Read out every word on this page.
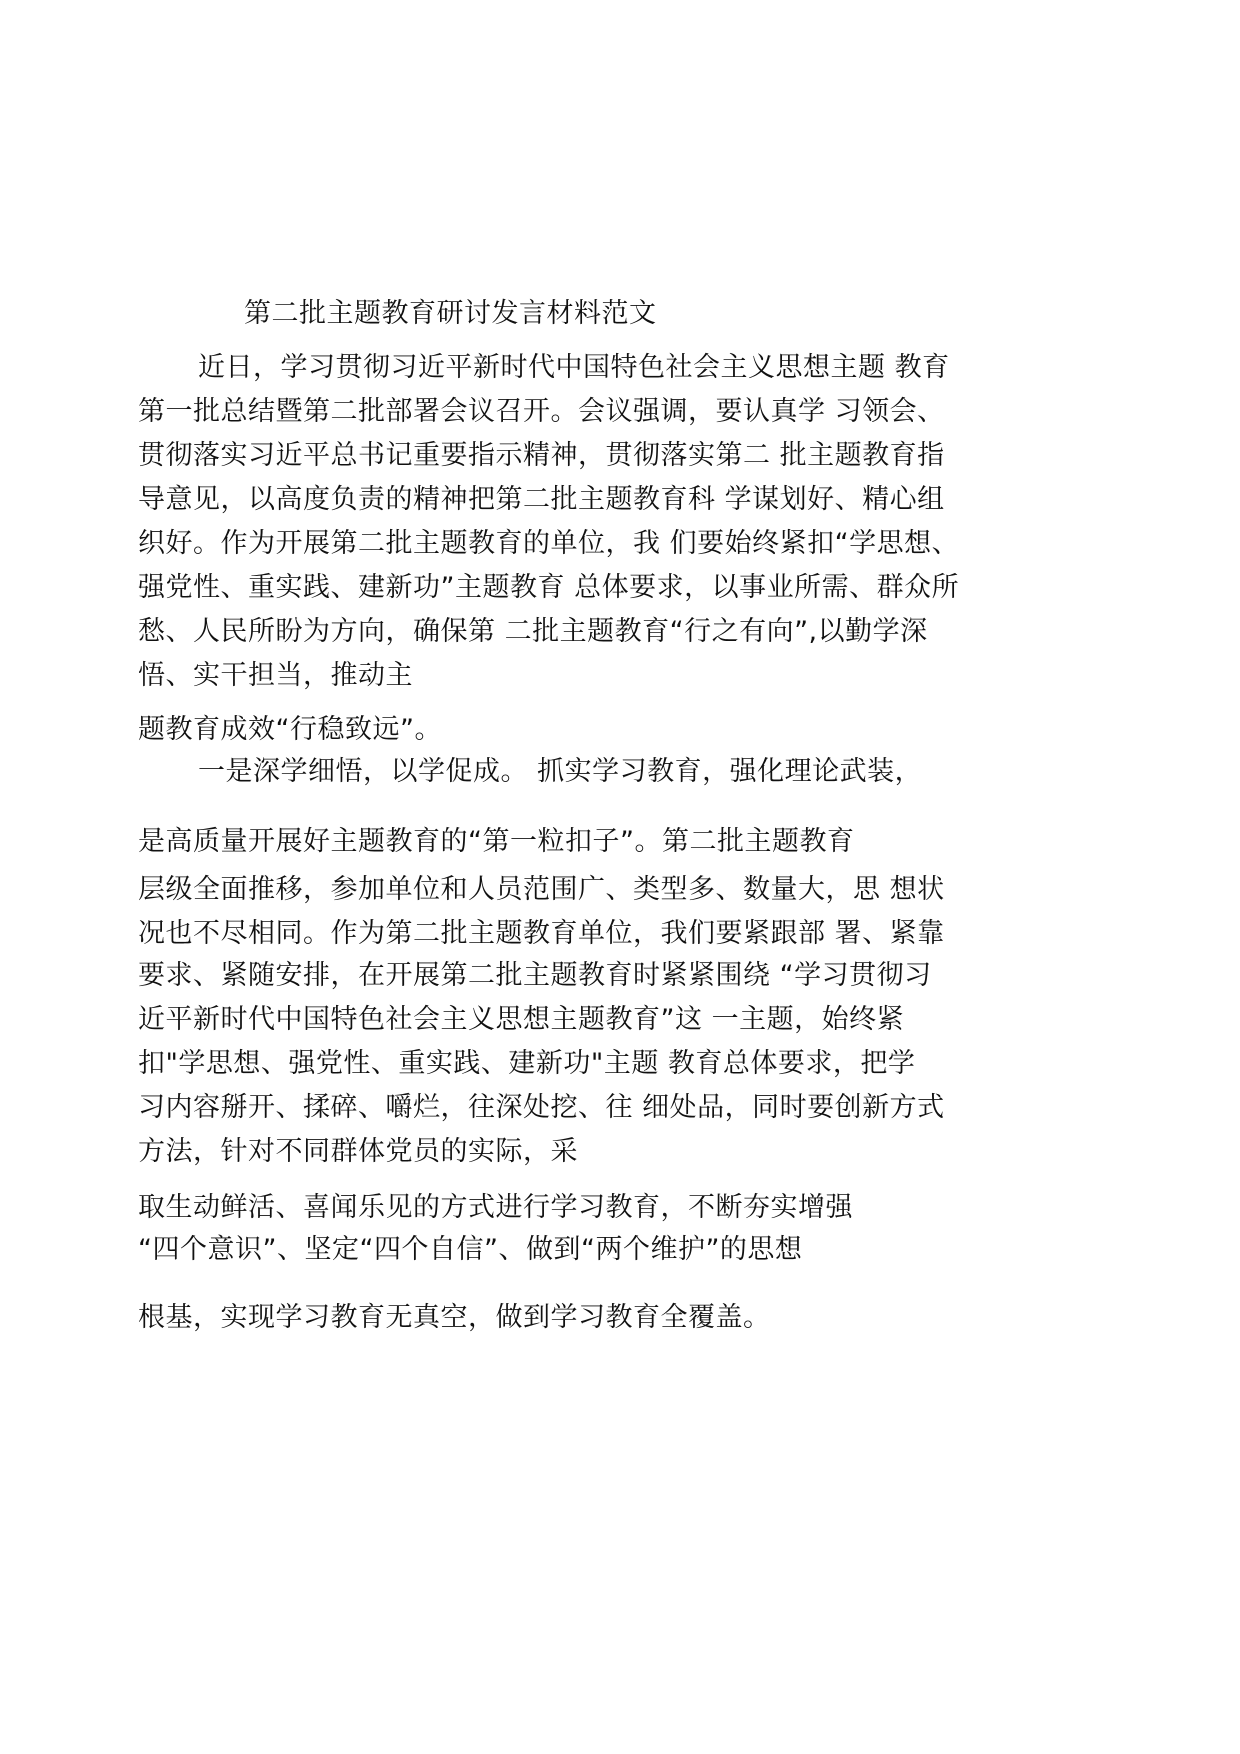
第二批主题教育研讨发言材料范文
近日，学习贯彻习近平新时代中国特色社会主义思想主题 教育
第一批总结暨第二批部署会议召开。会议强调，要认真学 习领会、
贯彻落实习近平总书记重要指示精神，贯彻落实第二 批主题教育指
导意见，以高度负责的精神把第二批主题教育科 学谋划好、精心组
织好。作为开展第二批主题教育的单位，我 们要始终紧扣“学思想、
强党性、重实践、建新功”主题教育 总体要求，以事业所需、群众所
愁、人民所盼为方向，确保第 二批主题教育“行之有向”,以勤学深
悟、实干担当，推动主
题教育成效“行稳致远”。
一是深学细悟，以学促成。 抓实学习教育，强化理论武装，
是高质量开展好主题教育的“第一粒扣子”。第二批主题教育
层级全面推移，参加单位和人员范围广、类型多、数量大，思 想状
况也不尽相同。作为第二批主题教育单位，我们要紧跟部 署、紧靠
要求、紧随安排，在开展第二批主题教育时紧紧围绕 “学习贯彻习
近平新时代中国特色社会主义思想主题教育”这 一主题，始终紧
扣"学思想、强党性、重实践、建新功"主题 教育总体要求，把学
习内容掰开、揉碎、嚼烂，往深处挖、往 细处品，同时要创新方式
方法，针对不同群体党员的实际，采
取生动鲜活、喜闻乐见的方式进行学习教育，不断夯实增强
“四个意识”、坚定“四个自信”、做到“两个维护”的思想
根基，实现学习教育无真空，做到学习教育全覆盖。
